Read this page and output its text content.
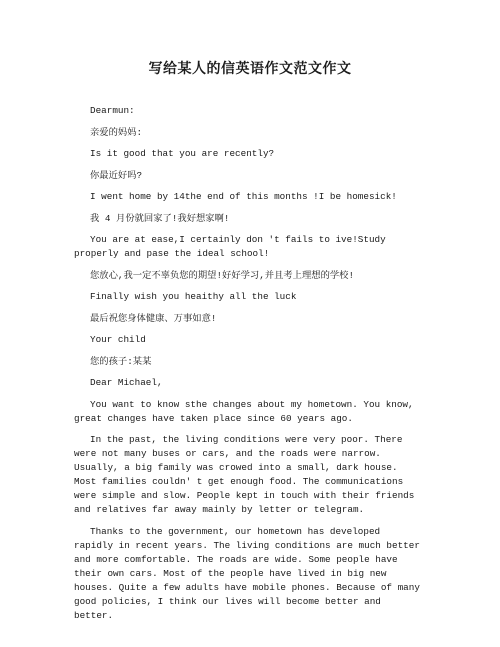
写给某人的信英语作文范文作文

Dearmun:

亲爱的妈妈:

Is it good that you are recently?

你最近好吗?

I went home by 14the end of this months !I be homesick!

我 4 月份就回家了!我好想家啊!

You are at ease,I certainly don 't fails to ive!Study properly and pase the ideal school!

您放心,我一定不辜负您的期望!好好学习,并且考上理想的学校!

Finally wish you heaithy all the luck

最后祝您身体健康、万事如意!

Your child

您的孩子:某某

Dear Michael,

You want to know sthe changes about my hometown. You know, great changes have taken place since 60 years ago.

In the past, the living conditions were very poor. There were not many buses or cars, and the roads were narrow. Usually, a big family was crowed into a small, dark house. Most families couldn' t get enough food. The communications were simple and slow. People kept in touch with their friends and relatives far away mainly by letter or telegram.

Thanks to the government, our hometown has developed rapidly in recent years. The living conditions are much better and more comfortable. The roads are wide. Some people have their own cars. Most of the people have lived in big new houses. Quite a few adults have mobile phones. Because of many good policies, I think our lives will become better and better.
